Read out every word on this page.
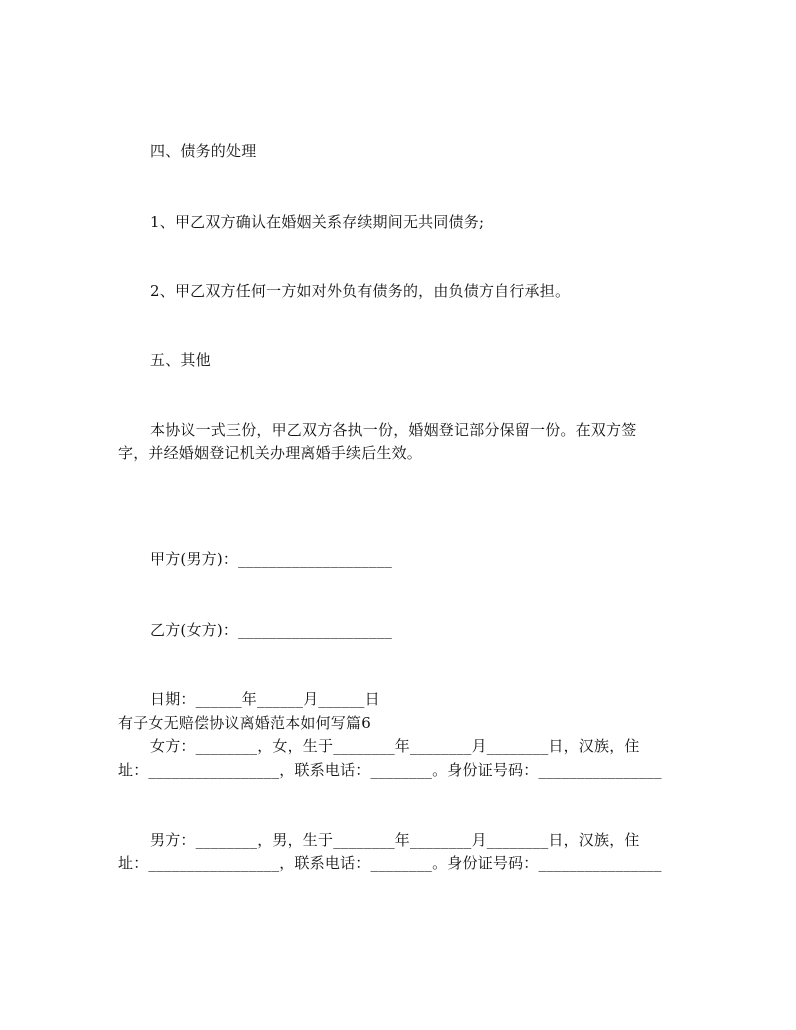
四、债务的处理
1、甲乙双方确认在婚姻关系存续期间无共同债务;
2、甲乙双方任何一方如对外负有债务的，由负债方自行承担。
五、其他
本协议一式三份，甲乙双方各执一份，婚姻登记部分保留一份。在双方签
字，并经婚姻登记机关办理离婚手续后生效。
甲方(男方)：____________________
乙方(女方)：____________________
日期：______年______月______日
有子女无赔偿协议离婚范本如何写篇6
女方：________，女，生于________年________月________日，汉族，住
址：_________________，联系电话：________。身份证号码：________________
男方：________，男，生于________年________月________日，汉族，住
址：_________________，联系电话：________。身份证号码：________________
